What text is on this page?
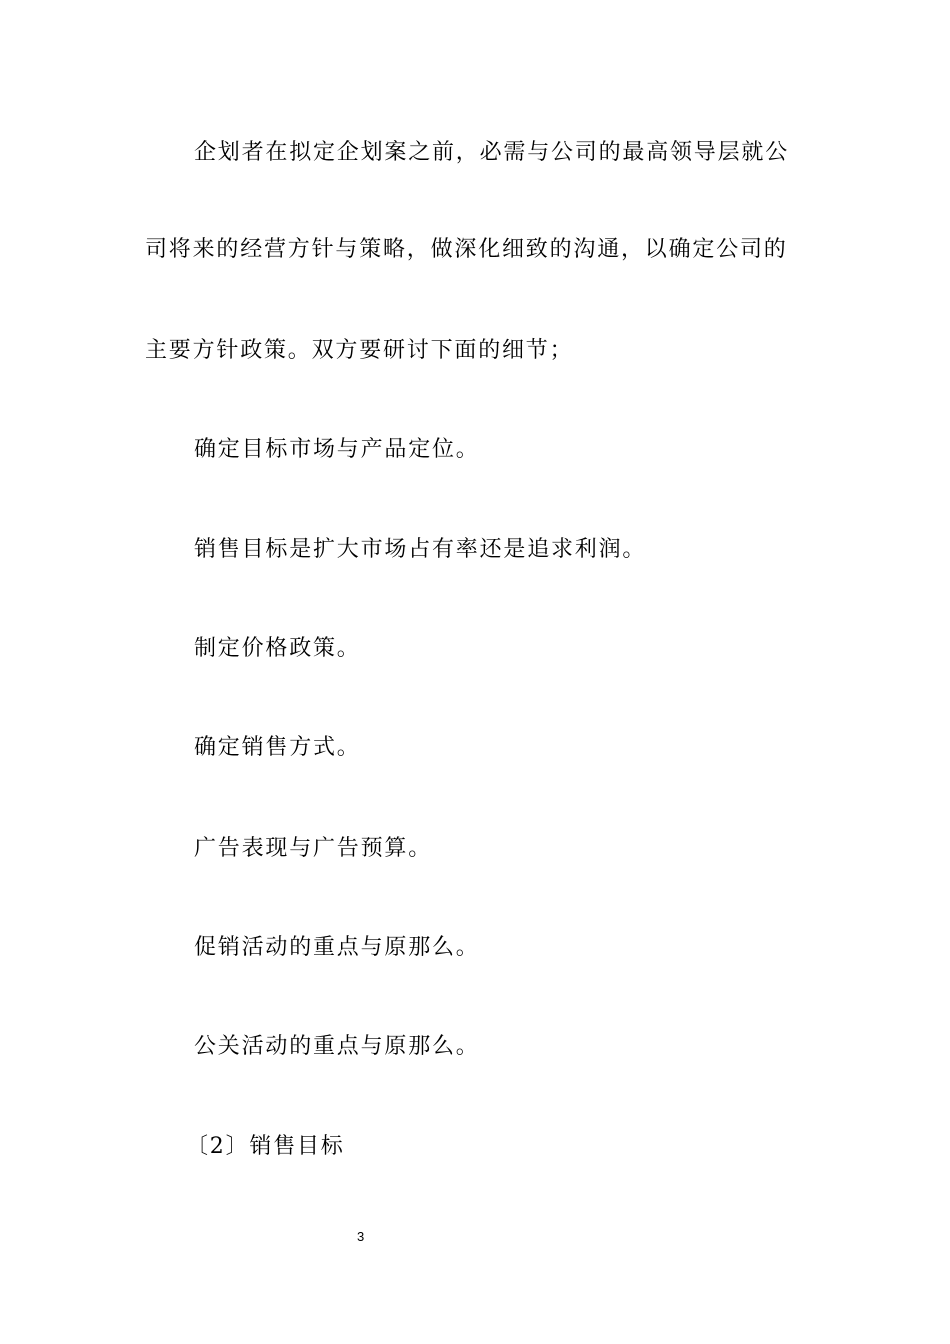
企划者在拟定企划案之前，必需与公司的最高领导层就公
司将来的经营方针与策略，做深化细致的沟通，以确定公司的
主要方针政策。双方要研讨下面的细节；
确定目标市场与产品定位。
销售目标是扩大市场占有率还是追求利润。
制定价格政策。
确定销售方式。
广告表现与广告预算。
促销活动的重点与原那么。
公关活动的重点与原那么。
〔2〕销售目标
3
